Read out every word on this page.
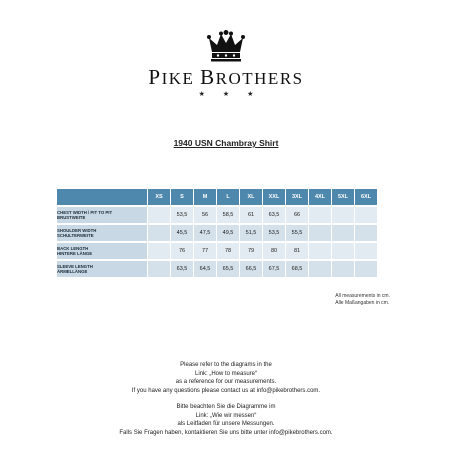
PIKE BROTHERS
★ ★ ★
1940 USN Chambray Shirt
	XS	S	M	L	XL	XXL	3XL	4XL	5XL	6XL
CHEST WIDTH / PIT TO PIT
BRUSTWEITE		53,5	56	58,5	61	63,5	66			
SHOULDER WIDTH
SCHULTERWEITE		45,5	47,5	49,5	51,5	53,5	55,5			
BACK LENGTH
HINTERE LÄNGE		76	77	78	79	80	81			
SLEEVE LENGTH
ÄRMELLÄNGE		63,5	64,5	65,5	66,5	67,5	68,5			
All measurements in cm.
Alle Maßangaben in cm.
Please refer to the diagrams in the
Link: „How to measure“
as a reference for our measurements.
If you have any questions please contact us at info@pikebrothers.com.
Bitte beachten Sie die Diagramme im
Link: „Wie wir messen“
als Leitfaden für unsere Messungen.
Falls Sie Fragen haben, kontaktieren Sie uns bitte unter info@pikebrothers.com.
